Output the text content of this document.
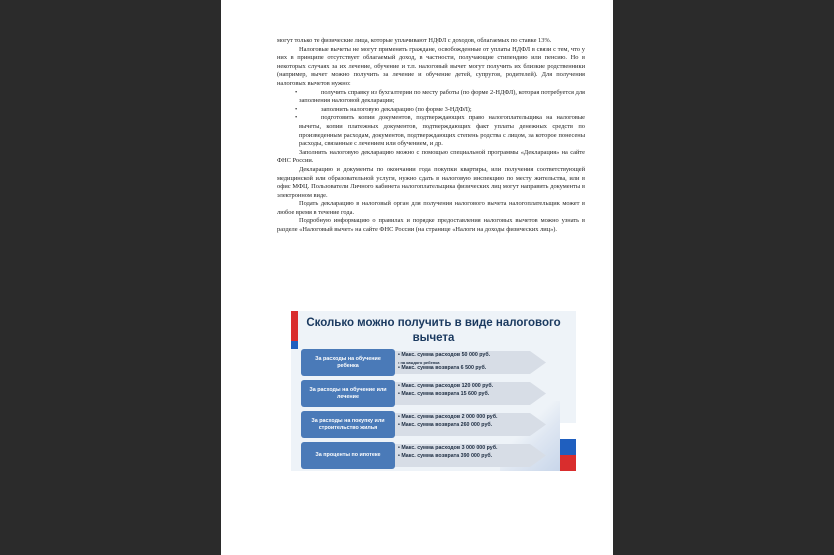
могут только те физические лица, которые уплачивают НДФЛ с доходов, облагаемых по ставке 13%.

Налоговые вычеты не могут применять граждане, освобожденные от уплаты НДФЛ в связи с тем, что у них в принципе отсутствует облагаемый доход, в частности, получающие стипендию или пенсию. Но в некоторых случаях за их лечение, обучение и т.п. налоговый вычет могут получить их близкие родственники (например, вычет можно получить за лечение и обучение детей, супругов, родителей). Для получения налоговых вычетов нужно:

•	получить справку из бухгалтерии по месту работы (по форме 2-НДФЛ), которая потребуется для заполнения налоговой декларации;

•	заполнить налоговую декларацию (по форме 3-НДФЛ);

•	подготовить копии документов, подтверждающих право налогоплательщика на налоговые вычеты, копии платежных документов, подтверждающих факт уплаты денежных средств по произведенным расходам, документов, подтверждающих степень родства с лицом, за которое понесены расходы, связанные с лечением или обучением, и др.

Заполнить налоговую декларацию можно с помощью специальной программы «Декларация» на сайте ФНС России.

Декларацию и документы по окончании года покупки квартиры, или получения соответствующей медицинской или образовательной услуги, нужно сдать в налоговую инспекцию по месту жительства, или в офис МФЦ. Пользователи Личного кабинета налогоплательщика физических лиц могут направить документы в электронном виде.

Подать декларацию в налоговый орган для получения налогового вычета налогоплательщик может в любое время в течение года.

Подробную информацию о правилах и порядке предоставления налоговых вычетов можно узнать в разделе «Налоговый вычет» на сайте ФНС России (на странице «Налоги на доходы физических лиц»).

Сколько можно получить в виде налогового вычета
За расходы на обучение ребенка
• Макс. сумма расходов 50 000 руб.
• на каждого ребенка
• Макс. сумма возврата 6 500 руб.
За расходы на обучение или лечение
• Макс. сумма расходов 120 000 руб.
• Макс. сумма возврата 15 600 руб.
За расходы на покупку или строительство жилья
• Макс. сумма расходов 2 000 000 руб.
• Макс. сумма возврата 260 000 руб.
За проценты по ипотеке
• Макс. сумма расходов 3 000 000 руб.
• Макс. сумма возврата 390 000 руб.
